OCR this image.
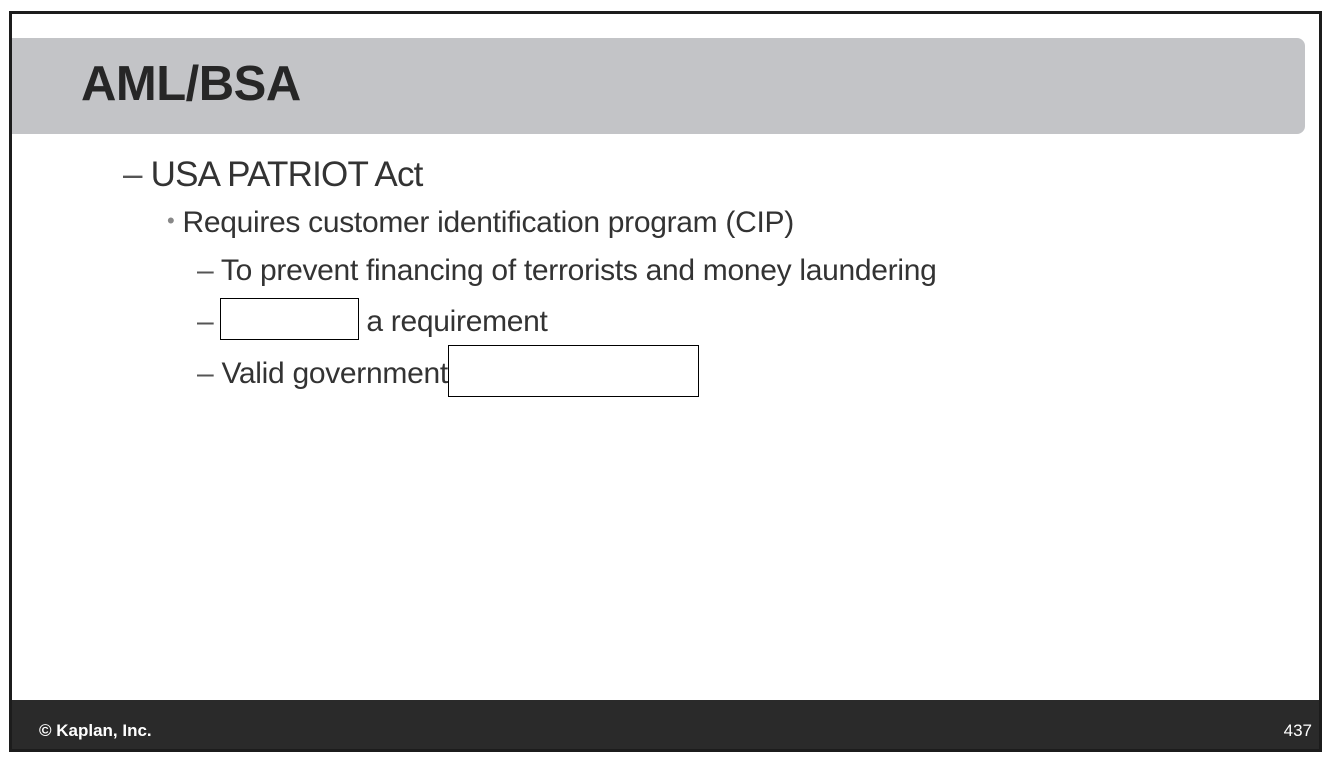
AML/BSA
– USA PATRIOT Act
• Requires customer identification program (CIP)
– To prevent financing of terrorists and money laundering
–	a requirement
– Valid government
© Kaplan, Inc.	437
